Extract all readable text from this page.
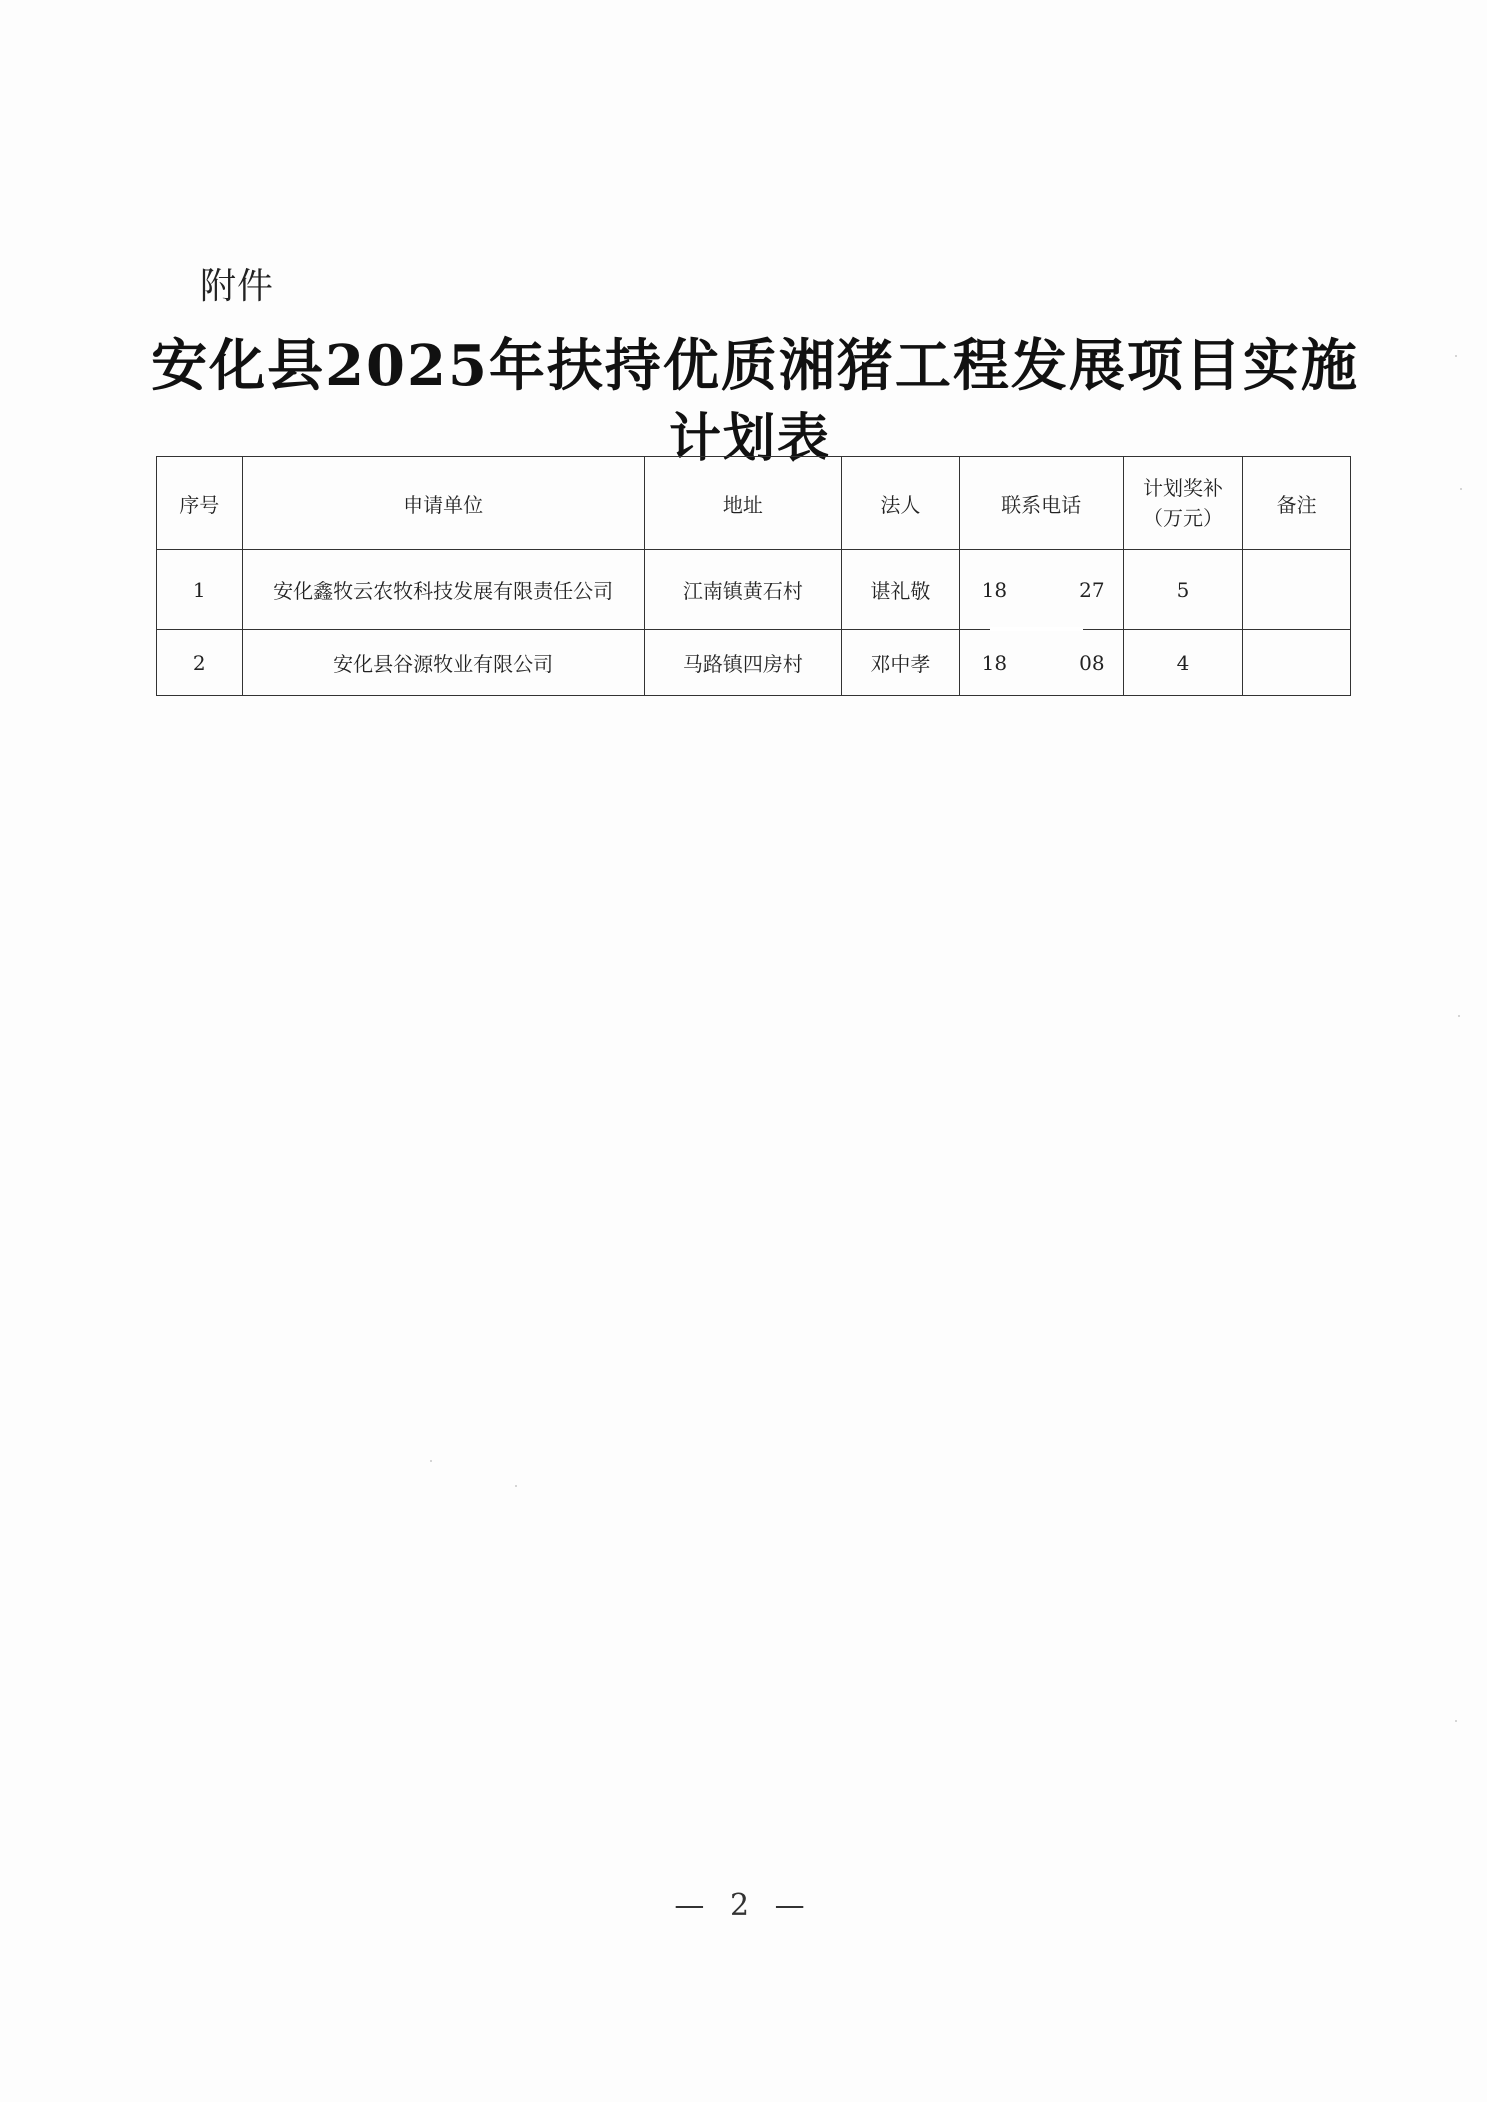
附件
安化县2025年扶持优质湘猪工程发展项目实施
计划表
序号	申请单位	地址	法人	联系电话	计划奖补
（万元）	备注
1	安化鑫牧云农牧科技发展有限责任公司	江南镇黄石村	谌礼敬	18 27	5	
2	安化县谷源牧业有限公司	马路镇四房村	邓中孝	18 08	4	
— 2 —
